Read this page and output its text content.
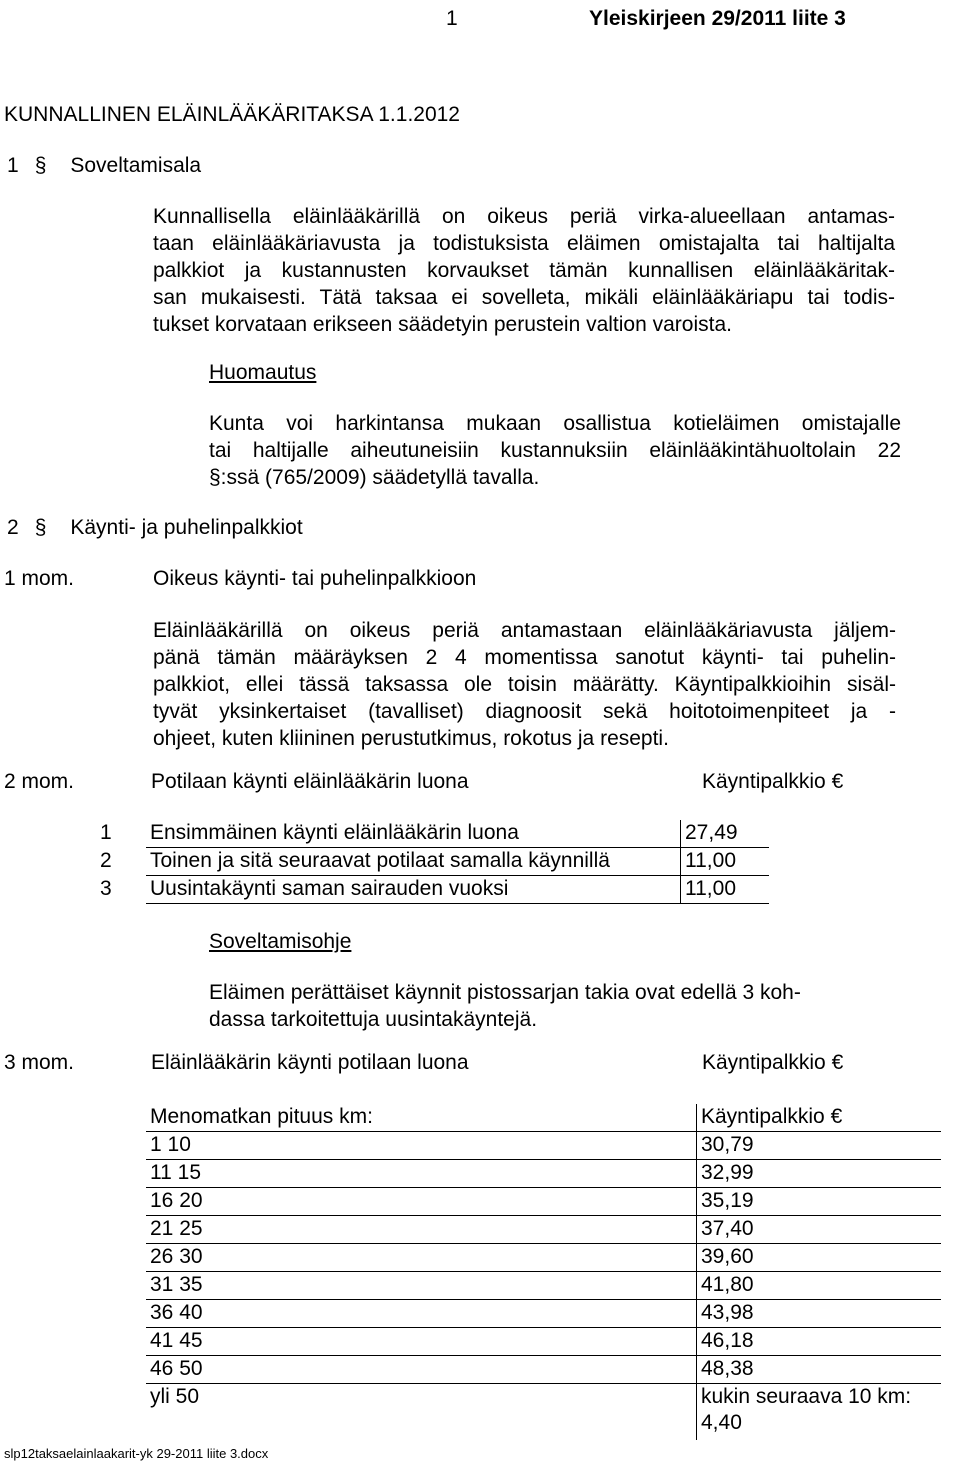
1	Yleiskirjeen 29/2011 liite 3
KUNNALLINEN ELÄINLÄÄKÄRITAKSA 1.1.2012
1 § Soveltamisala
Kunnallisella eläinlääkärillä on oikeus periä virka-alueellaan antamas-
taan eläinlääkäriavusta ja todistuksista eläimen omistajalta tai haltijalta
palkkiot ja kustannusten korvaukset tämän kunnallisen eläinlääkäritak-
san mukaisesti. Tätä taksaa ei sovelleta, mikäli eläinlääkäriapu tai todis-
tukset korvataan erikseen säädetyin perustein valtion varoista.
Huomautus
Kunta voi harkintansa mukaan osallistua kotieläimen omistajalle
tai haltijalle aiheutuneisiin kustannuksiin eläinlääkintähuoltolain 22
§:ssä (765/2009) säädetyllä tavalla.
2 § Käynti- ja puhelinpalkkiot
1 mom.	Oikeus käynti- tai puhelinpalkkioon
Eläinlääkärillä on oikeus periä antamastaan eläinlääkäriavusta jäljem-
pänä tämän määräyksen 2 4 momentissa sanotut käynti- tai puhelin-
palkkiot, ellei tässä taksassa ole toisin määrätty. Käyntipalkkioihin sisäl-
tyvät yksinkertaiset (tavalliset) diagnoosit sekä hoitotoimenpiteet ja -
ohjeet, kuten kliininen perustutkimus, rokotus ja resepti.
2 mom.	Potilaan käynti eläinlääkärin luona	Käyntipalkkio €
1	Ensimmäinen käynti eläinlääkärin luona	27,49
2	Toinen ja sitä seuraavat potilaat samalla käynnillä	11,00
3	Uusintakäynti saman sairauden vuoksi	11,00
Soveltamisohje
Eläimen perättäiset käynnit pistossarjan takia ovat edellä 3 koh-
dassa tarkoitettuja uusintakäyntejä.
3 mom.	Eläinlääkärin käynti potilaan luona	Käyntipalkkio €
Menomatkan pituus km:	Käyntipalkkio €
1 10	30,79
11 15	32,99
16 20	35,19
21 25	37,40
26 30	39,60
31 35	41,80
36 40	43,98
41 45	46,18
46 50	48,38
yli 50	kukin seuraava 10 km:
4,40
slp12taksaelainlaakarit-yk 29-2011 liite 3.docx
